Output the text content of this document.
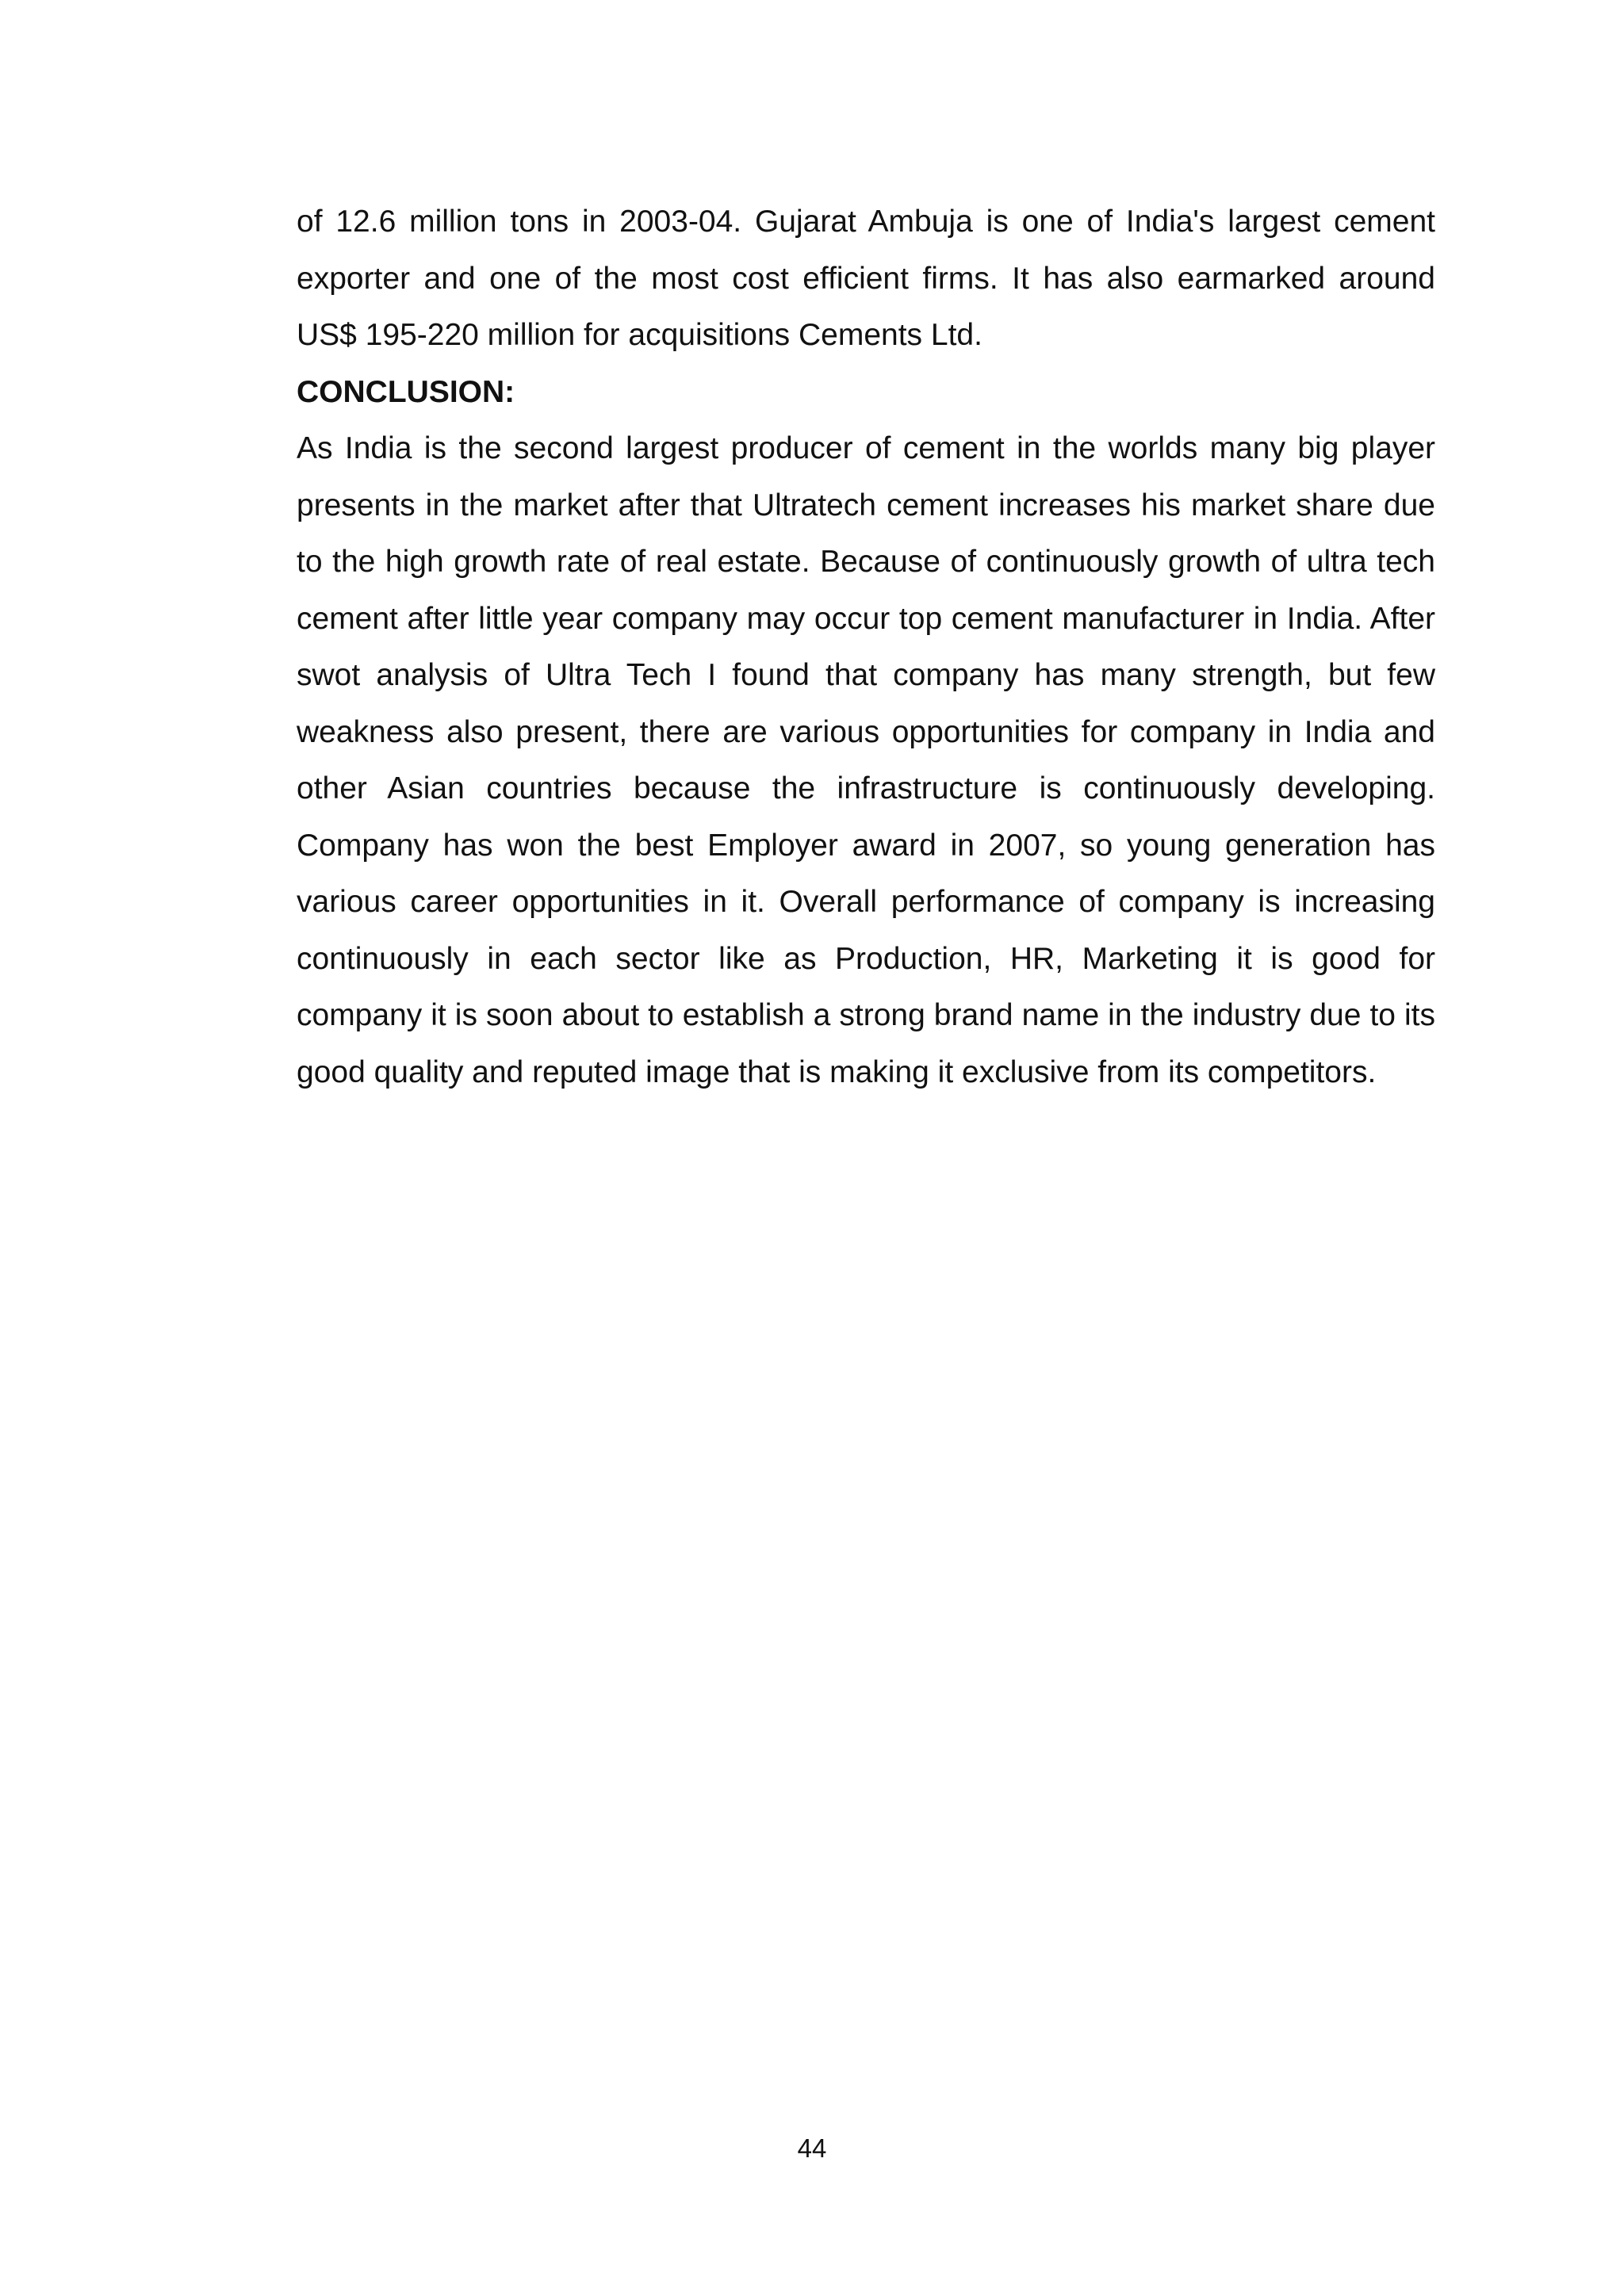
of 12.6 million tons in 2003-04. Gujarat Ambuja is one of India's largest cement exporter and one of the most cost efficient firms. It has also earmarked around US$ 195-220 million for acquisitions Cements Ltd.

CONCLUSION:

As India is the second largest producer of cement in the worlds many big player presents in the market after that Ultratech cement increases his market share due to the high growth rate of real estate. Because of continuously growth of ultra tech cement after little year company may occur top cement manufacturer in India. After swot analysis of Ultra Tech I found that company has many strength, but few weakness also present, there are various opportunities for company in India and other Asian countries because the infrastructure is continuously developing. Company has won the best Employer award in 2007, so young generation has various career opportunities in it. Overall performance of company is increasing continuously in each sector like as Production, HR, Marketing it is good for company it is soon about to establish a strong brand name in the industry due to its good quality and reputed image that is making it exclusive from its competitors.

44
